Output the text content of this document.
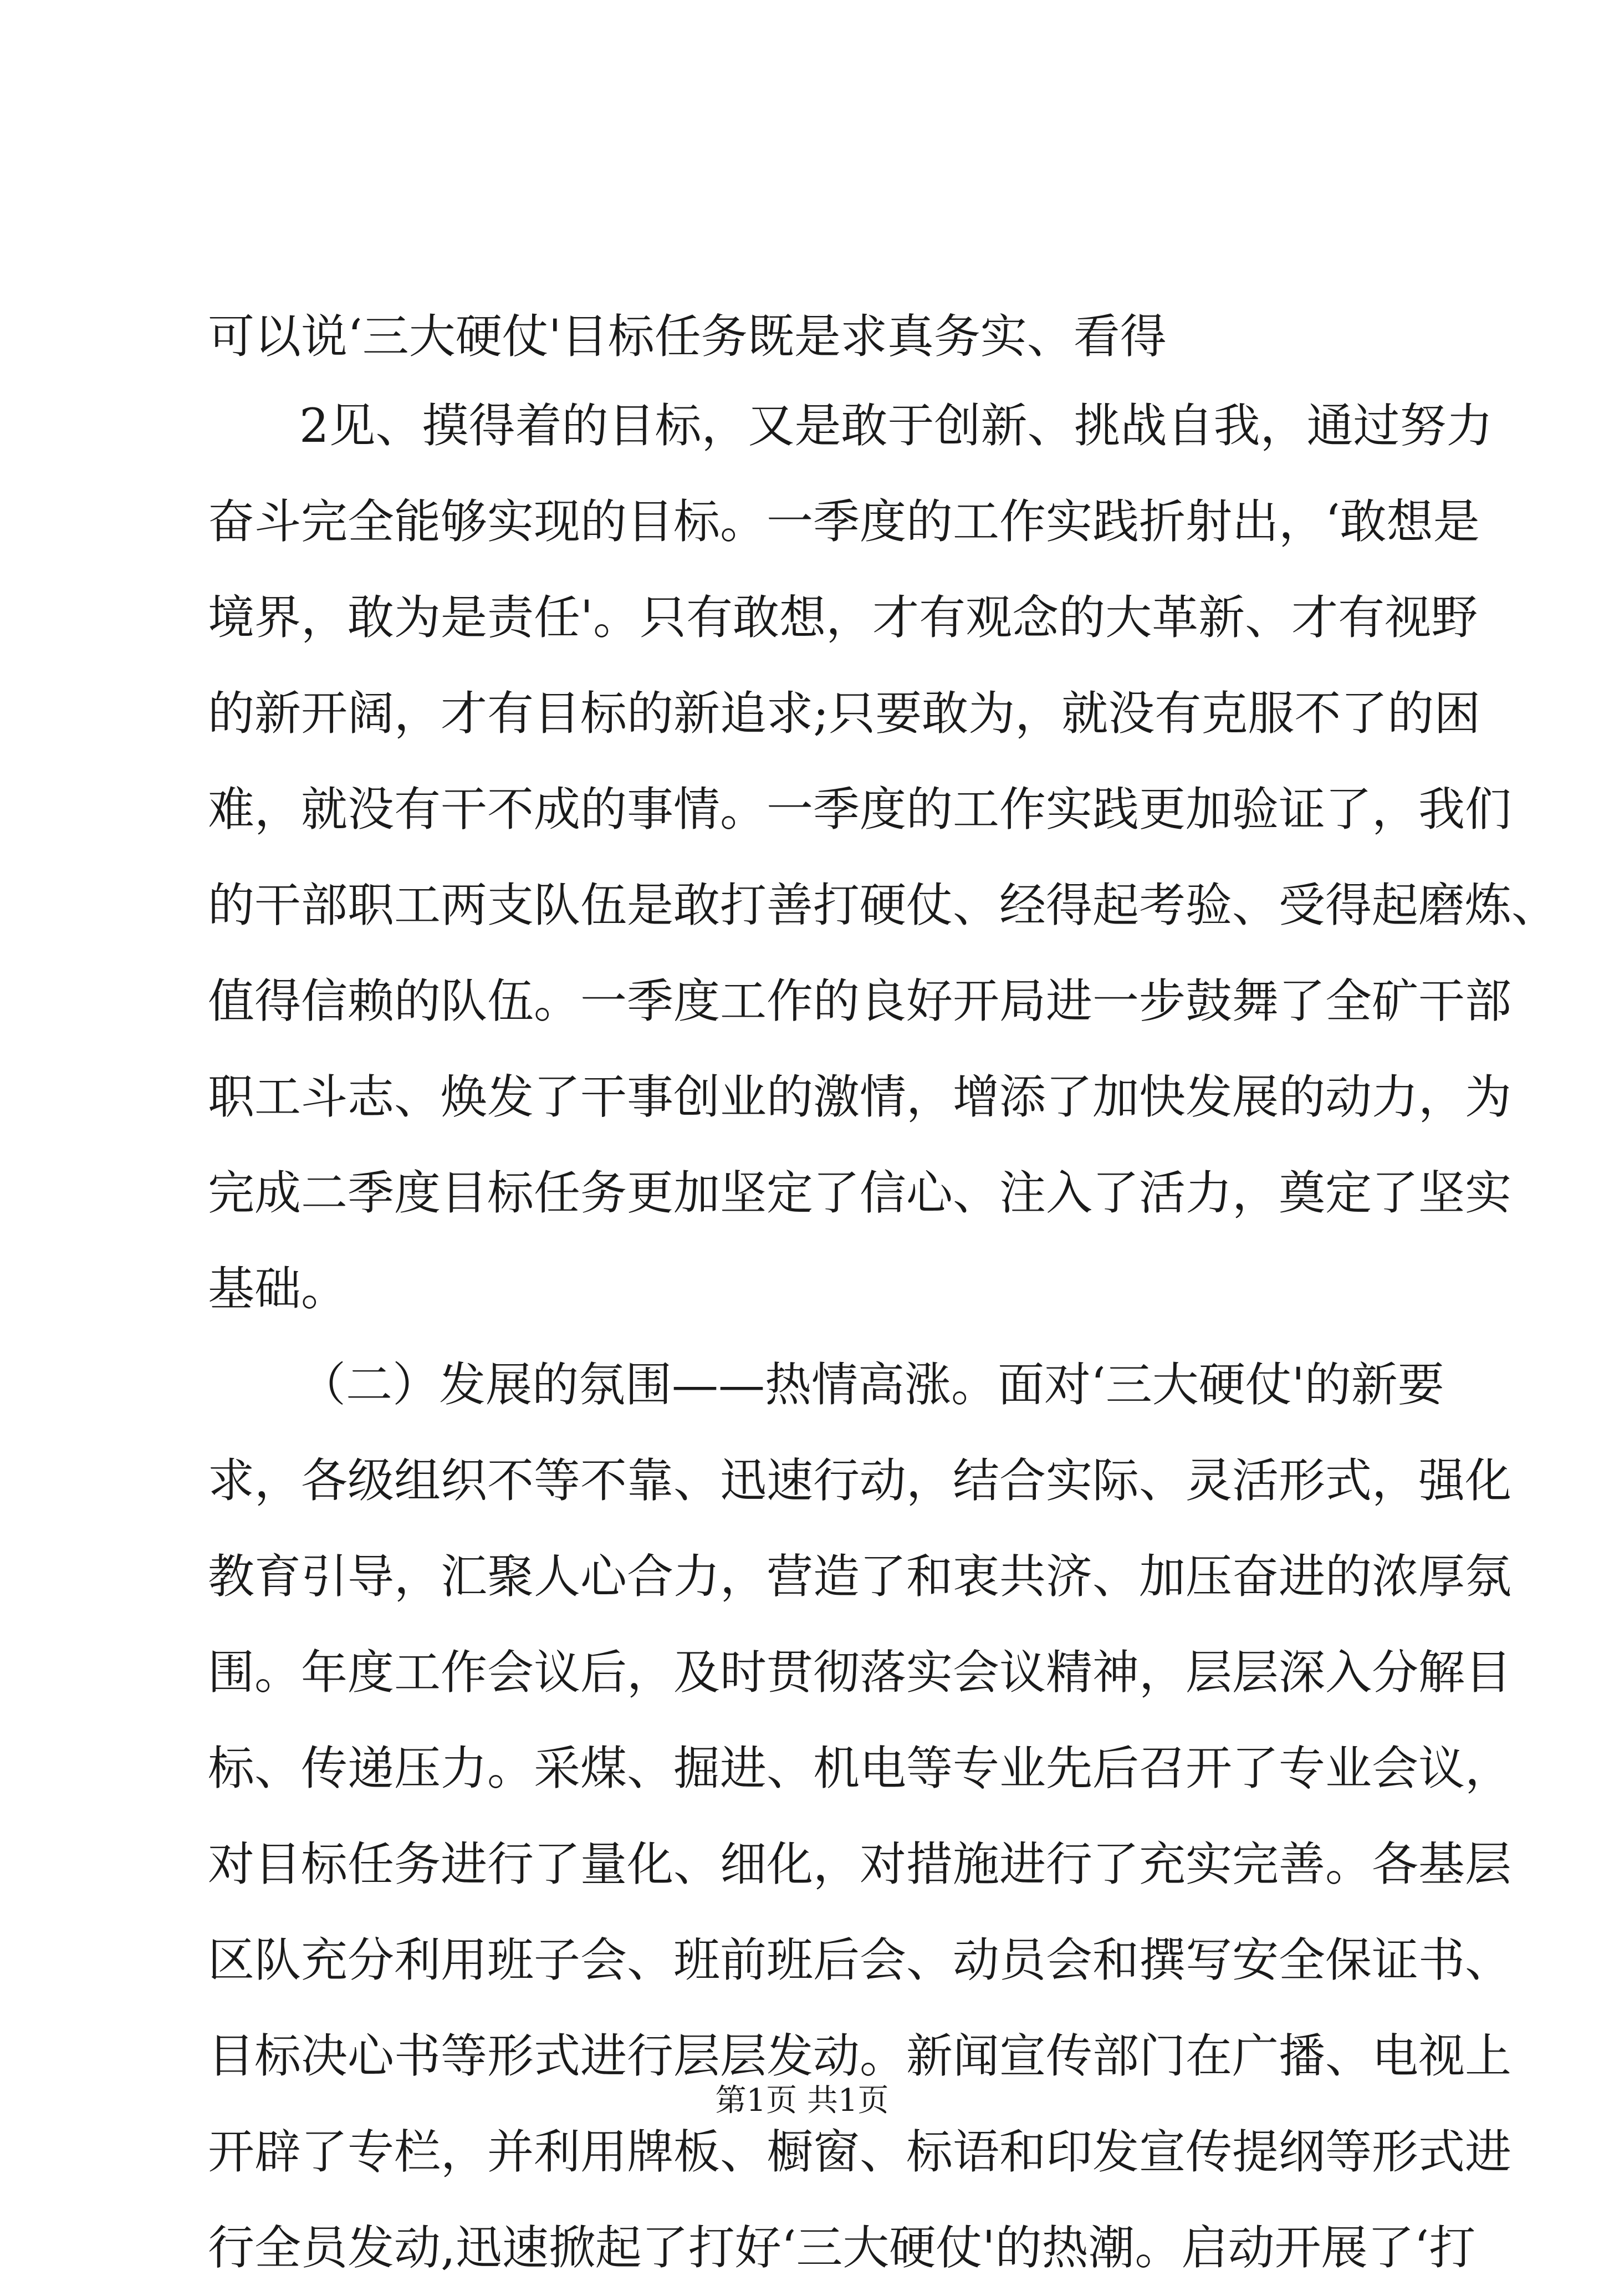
可以说‘三大硬仗'目标任务既是求真务实、看得
2见、摸得着的目标，又是敢于创新、挑战自我，通过努力
奋斗完全能够实现的目标。一季度的工作实践折射出，‘敢想是
境界，敢为是责任'。只有敢想，才有观念的大革新、才有视野
的新开阔，才有目标的新追求;只要敢为，就没有克服不了的困
难，就没有干不成的事情。一季度的工作实践更加验证了，我们
的干部职工两支队伍是敢打善打硬仗、经得起考验、受得起磨炼、
值得信赖的队伍。一季度工作的良好开局进一步鼓舞了全矿干部
职工斗志、焕发了干事创业的激情，增添了加快发展的动力，为
完成二季度目标任务更加坚定了信心、注入了活力，奠定了坚实
基础。
（二）发展的氛围——热情高涨。面对‘三大硬仗'的新要
求，各级组织不等不靠、迅速行动，结合实际、灵活形式，强化
教育引导，汇聚人心合力，营造了和衷共济、加压奋进的浓厚氛
围。年度工作会议后，及时贯彻落实会议精神，层层深入分解目
标、传递压力。采煤、掘进、机电等专业先后召开了专业会议，
对目标任务进行了量化、细化，对措施进行了充实完善。各基层
区队充分利用班子会、班前班后会、动员会和撰写安全保证书、
目标决心书等形式进行层层发动。新闻宣传部门在广播、电视上
开辟了专栏，并利用牌板、橱窗、标语和印发宣传提纲等形式进
行全员发动,迅速掀起了打好‘三大硬仗'的热潮。启动开展了‘打
第1页 共1页
